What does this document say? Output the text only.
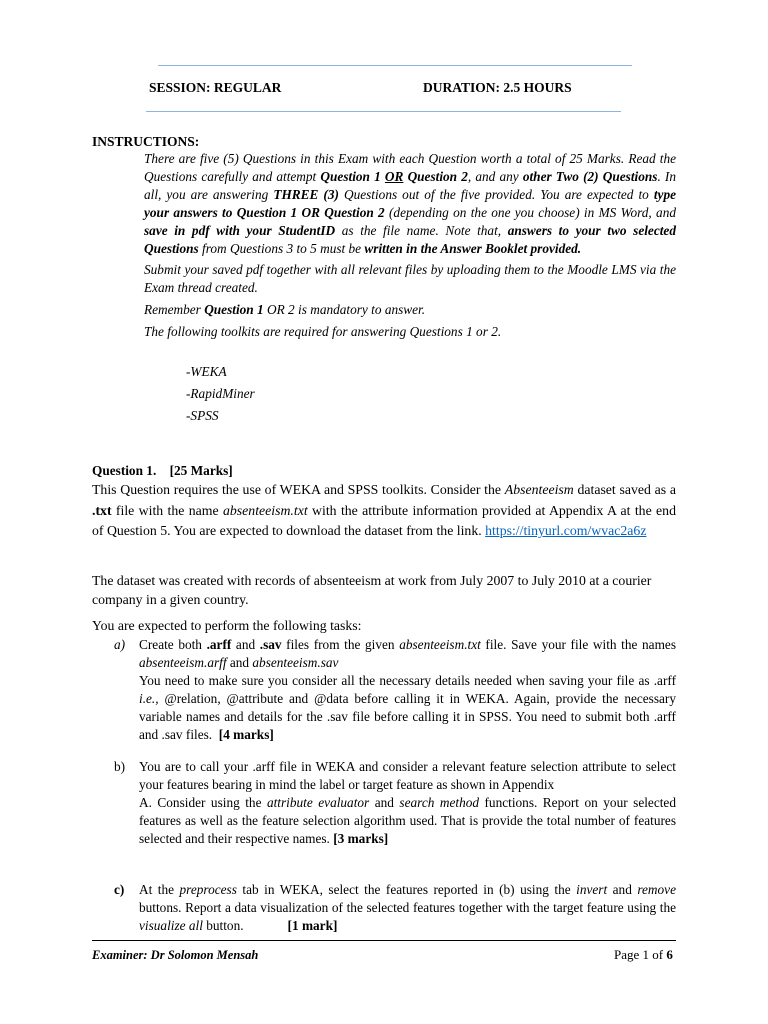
SESSION: REGULAR	DURATION: 2.5 HOURS
INSTRUCTIONS:

There are five (5) Questions in this Exam with each Question worth a total of 25 Marks. Read the Questions carefully and attempt Question 1 OR Question 2, and any other Two (2) Questions. In all, you are answering THREE (3) Questions out of the five provided. You are expected to type your answers to Question 1 OR Question 2 (depending on the one you choose) in MS Word, and save in pdf with your StudentID as the file name. Note that, answers to your two selected Questions from Questions 3 to 5 must be written in the Answer Booklet provided.

Submit your saved pdf together with all relevant files by uploading them to the Moodle LMS via the Exam thread created.

Remember Question 1 OR 2 is mandatory to answer.

The following toolkits are required for answering Questions 1 or 2.

-WEKA
-RapidMiner
-SPSS
Question 1.    [25 Marks]
This Question requires the use of WEKA and SPSS toolkits. Consider the Absenteeism dataset saved as a .txt file with the name absenteeism.txt with the attribute information provided at Appendix A at the end of Question 5. You are expected to download the dataset from the link. https://tinyurl.com/wvac2a6z
The dataset was created with records of absenteeism at work from July 2007 to July 2010 at a courier company in a given country.
You are expected to perform the following tasks:
a) Create both .arff and .sav files from the given absenteeism.txt file. Save your file with the names absenteeism.arff and absenteeism.sav
You need to make sure you consider all the necessary details needed when saving your file as .arff i.e., @relation, @attribute and @data before calling it in WEKA. Again, provide the necessary variable names and details for the .sav file before calling it in SPSS. You need to submit both .arff and .sav files.  [4 marks]
b) You are to call your .arff file in WEKA and consider a relevant feature selection attribute to select your features bearing in mind the label or target feature as shown in Appendix
A. Consider using the attribute evaluator and search method functions. Report on your selected features as well as the feature selection algorithm used. That is provide the total number of features selected and their respective names. [3 marks]
c) At the preprocess tab in WEKA, select the features reported in (b) using the invert and remove buttons. Report a data visualization of the selected features together with the target feature using the visualize all button.	[1 mark]
Examiner: Dr Solomon Mensah	Page 1 of 6
